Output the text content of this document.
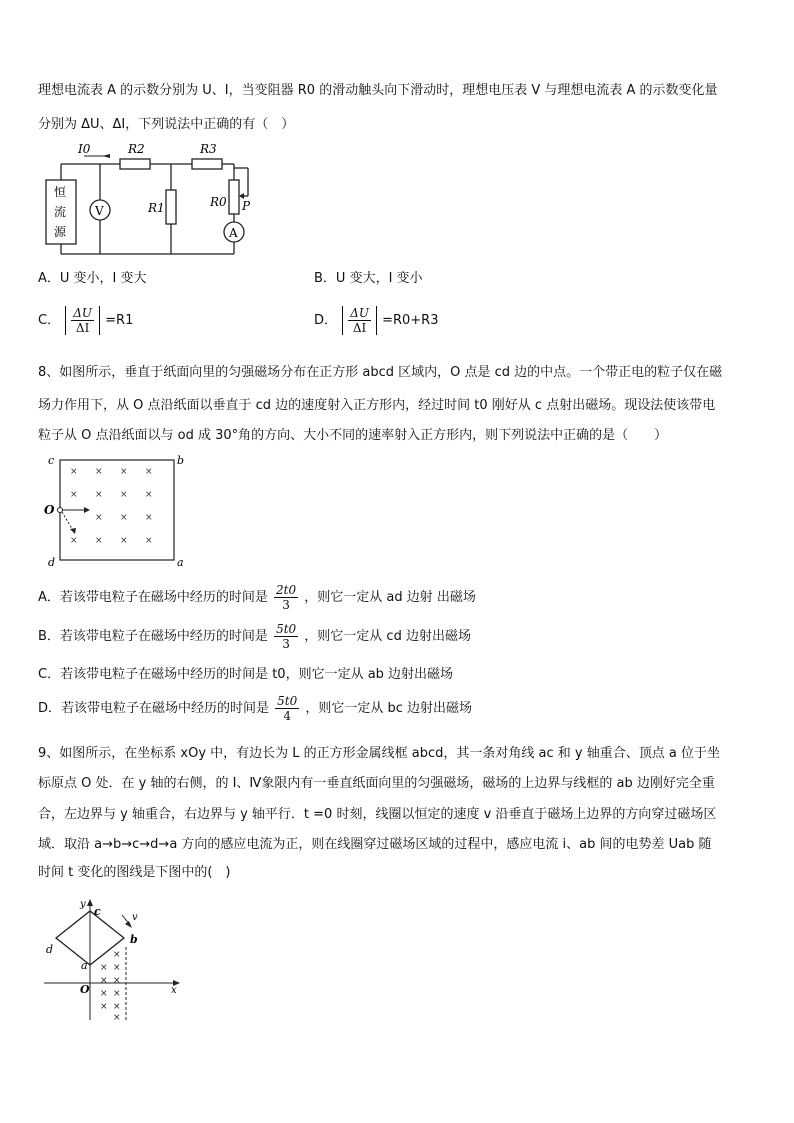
理想电流表 A 的示数分别为 U、I，当变阻器 R0 的滑动触头向下滑动时，理想电压表 V 与理想电流表 A 的示数变化量
分别为 ΔU、ΔI，下列说法中正确的有（　）
I0	R2	R3
R1	R0 P
V
A
恒
流
源
A．U 变小，I 变大	B．U 变大，I 变小
C． $\frac{\Delta U}{\Delta I} =R1$	D． $\frac{\Delta U}{\Delta I} =R0+R3$
8、如图所示，垂直于纸面向里的匀强磁场分布在正方形 abcd 区域内，O 点是 cd 边的中点。一个带正电的粒子仅在磁
场力作用下，从 O 点沿纸面以垂直于 cd 边的速度射入正方形内，经过时间 t0 刚好从 c 点射出磁场。现设法使该带电
粒子从 O 点沿纸面以与 od 成 30°角的方向、大小不同的速率射入正方形内，则下列说法中正确的是（　　）
× × × ×
× × × ×
× × ×
× × × ×
c	b
O
d	a
A．若该带电粒子在磁场中经历的时间是 $\frac{2t0}{3}$ ，则它一定从 ad 边射 出磁场
B．若该带电粒子在磁场中经历的时间是 $\frac{5t0}{3}$ ，则它一定从 cd 边射出磁场
C．若该带电粒子在磁场中经历的时间是 t0，则它一定从 ab 边射出磁场
D．若该带电粒子在磁场中经历的时间是 $\frac{5t0}{4}$ ，则它一定从 bc 边射出磁场
9、如图所示，在坐标系 xOy 中，有边长为 L 的正方形金属线框 abcd，其一条对角线 ac 和 y 轴重合、顶点 a 位于坐
标原点 O 处．在 y 轴的右侧，的 Ⅰ、Ⅳ象限内有一垂直纸面向里的匀强磁场，磁场的上边界与线框的 ab 边刚好完全重
合，左边界与 y 轴重合，右边界与 y 轴平行．t =0 时刻，线圈以恒定的速度 v 沿垂直于磁场上边界的方向穿过磁场区
域．取沿 a→b→c→d→a 方向的感应电流为正，则在线圈穿过磁场区域的过程中，感应电流 i、ab 间的电势差 Uab 随
时间 t 变化的图线是下图中的(　)
×
×
×
×
×
×
×
×
×
×
y
c	v
b
d
a
O	x
